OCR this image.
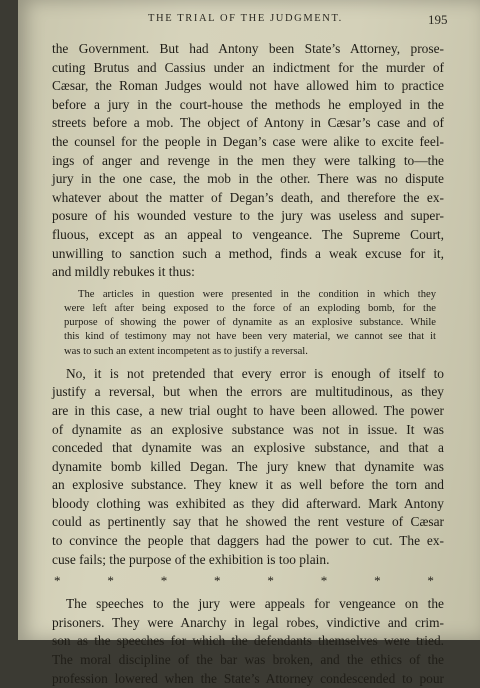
THE TRIAL OF THE JUDGMENT.	195
the Government. But had Antony been State’s Attorney, prose-
cuting Brutus and Cassius under an indictment for the murder of
Cæsar, the Roman Judges would not have allowed him to practice
before a jury in the court-house the methods he employed in the
streets before a mob. The object of Antony in Cæsar’s case and of
the counsel for the people in Degan’s case were alike to excite feel-
ings of anger and revenge in the men they were talking to—the
jury in the one case, the mob in the other. There was no dispute
whatever about the matter of Degan’s death, and therefore the ex-
posure of his wounded vesture to the jury was useless and super-
fluous, except as an appeal to vengeance. The Supreme Court,
unwilling to sanction such a method, finds a weak excuse for it,
and mildly rebukes it thus:
The articles in question were presented in the condition in which they
were left after being exposed to the force of an exploding bomb, for the
purpose of showing the power of dynamite as an explosive substance. While
this kind of testimony may not have been very material, we cannot see that it
was to such an extent incompetent as to justify a reversal.
No, it is not pretended that every error is enough of itself to
justify a reversal, but when the errors are multitudinous, as they
are in this case, a new trial ought to have been allowed. The power
of dynamite as an explosive substance was not in issue. It was
conceded that dynamite was an explosive substance, and that a
dynamite bomb killed Degan. The jury knew that dynamite was
an explosive substance. They knew it as well before the torn and
bloody clothing was exhibited as they did afterward. Mark Antony
could as pertinently say that he showed the rent vesture of Cæsar
to convince the people that daggers had the power to cut. The ex-
cuse fails; the purpose of the exhibition is too plain.
*	*	*	*	*	*	*	*
The speeches to the jury were appeals for vengeance on the
prisoners. They were Anarchy in legal robes, vindictive and crim-
son as the speeches for which the defendants themselves were tried.
The moral discipline of the bar was broken, and the ethics of the
profession lowered when the State’s Attorney condescended to pour
